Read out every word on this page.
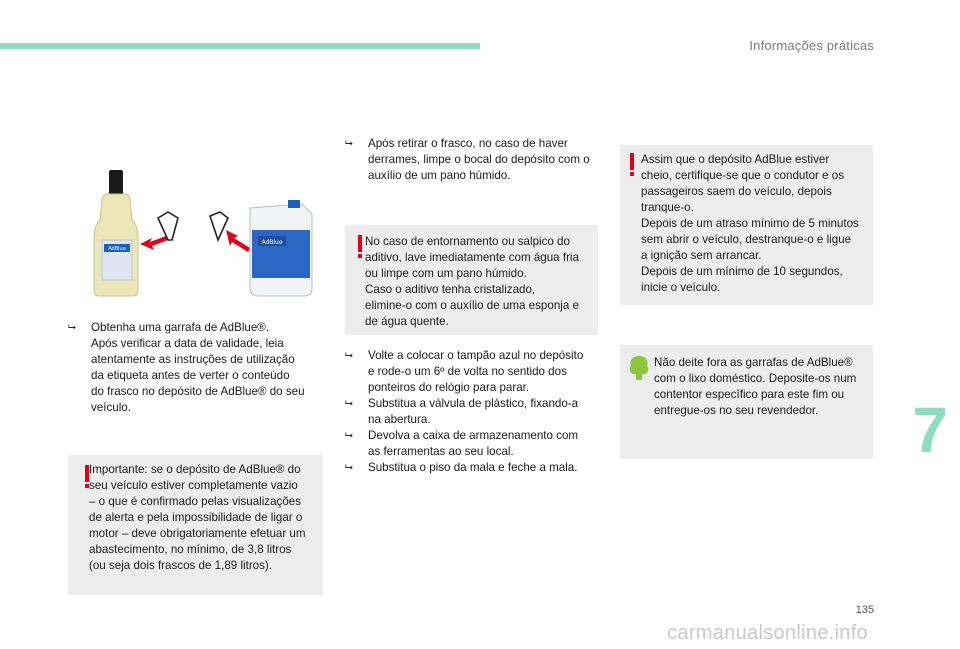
Informações práticas
7
135
carmanualsonline.info
AdBlue
AdBlue
⮡ Obtenha uma garrafa de AdBlue®.
Após verificar a data de validade, leia
atentamente as instruções de utilização
da etiqueta antes de verter o conteúdo
do frasco no depósito de AdBlue® do seu
veículo.
Importante: se o depósito de AdBlue® do
seu veículo estiver completamente vazio
– o que é confirmado pelas visualizações
de alerta e pela impossibilidade de ligar o
motor – deve obrigatoriamente efetuar um
abastecimento, no mínimo, de 3,8 litros
(ou seja dois frascos de 1,89 litros).
⮡ Após retirar o frasco, no caso de haver
derrames, limpe o bocal do depósito com o
auxílio de um pano húmido.
No caso de entornamento ou salpico do
aditivo, lave imediatamente com água fria
ou limpe com um pano húmido.
Caso o aditivo tenha cristalizado,
elimine-o com o auxílio de uma esponja e
de água quente.
⮡ Volte a colocar o tampão azul no depósito
e rode-o um 6º de volta no sentido dos
ponteiros do relógio para parar.
⮡ Substitua a válvula de plástico, fixando-a
na abertura.
⮡ Devolva a caixa de armazenamento com
as ferramentas ao seu local.
⮡ Substitua o piso da mala e feche a mala.
Assim que o depósito AdBlue estiver
cheio, certifique-se que o condutor e os
passageiros saem do veículo, depois
tranque-o.
Depois de um atraso mínimo de 5 minutos
sem abrir o veículo, destranque-o e ligue
a ignição sem arrancar.
Depois de um mínimo de 10 segundos,
inicie o veículo.
Não deite fora as garrafas de AdBlue®
com o lixo doméstico. Deposite-os num
contentor específico para este fim ou
entregue-os no seu revendedor.
